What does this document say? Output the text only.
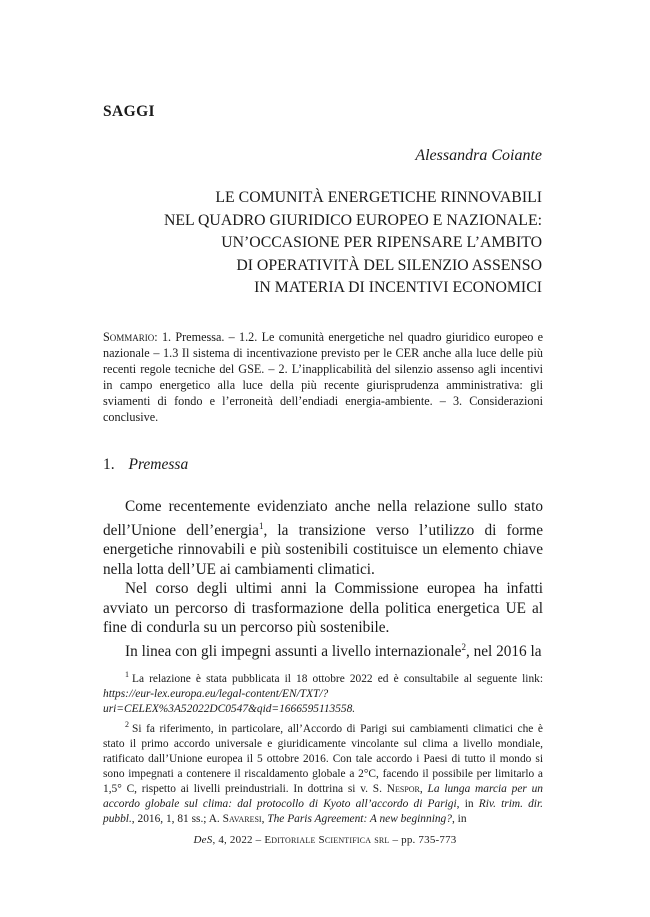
SAGGI
Alessandra Coiante
LE COMUNITÀ ENERGETICHE RINNOVABILI
NEL QUADRO GIURIDICO EUROPEO E NAZIONALE:
UN’OCCASIONE PER RIPENSARE L’AMBITO
DI OPERATIVITÀ DEL SILENZIO ASSENSO
IN MATERIA DI INCENTIVI ECONOMICI
Sommario: 1. Premessa. – 1.2. Le comunità energetiche nel quadro giuridico europeo e nazionale – 1.3 Il sistema di incentivazione previsto per le CER anche alla luce delle più recenti regole tecniche del GSE. – 2. L’inapplicabilità del silenzio assenso agli incentivi in campo energetico alla luce della più recente giurisprudenza amministrativa: gli sviamenti di fondo e l’erroneità dell’endiadi energia-ambiente. – 3. Considerazioni conclusive.
1. Premessa

Come recentemente evidenziato anche nella relazione sullo stato dell’Unione dell’energia$^1$, la transizione verso l’utilizzo di forme energetiche rinnovabili e più sostenibili costituisce un elemento chiave nella lotta dell’UE ai cambiamenti climatici.

Nel corso degli ultimi anni la Commissione europea ha infatti avviato un percorso di trasformazione della politica energetica UE al fine di condurla su un percorso più sostenibile.

In linea con gli impegni assunti a livello internazionale$^2$, nel 2016 la

$^1$ La relazione è stata pubblicata il 18 ottobre 2022 ed è consultabile al seguente link: https://eur-lex.europa.eu/legal-content/EN/TXT/?uri=CELEX%3A52022DC0547&qid=1666595113558.

$^2$ Si fa riferimento, in particolare, all’Accordo di Parigi sui cambiamenti climatici che è stato il primo accordo universale e giuridicamente vincolante sul clima a livello mondiale, ratificato dall’Unione europea il 5 ottobre 2016. Con tale accordo i Paesi di tutto il mondo si sono impegnati a contenere il riscaldamento globale a 2°C, facendo il possibile per limitarlo a 1,5° C, rispetto ai livelli preindustriali. In dottrina si v. S. Nespor, La lunga marcia per un accordo globale sul clima: dal protocollo di Kyoto all’accordo di Parigi, in Riv. trim. dir. pubbl., 2016, 1, 81 ss.; A. Savaresi, The Paris Agreement: A new beginning?, in

DeS, 4, 2022 – Editoriale Scientifica srl – pp. 735-773
